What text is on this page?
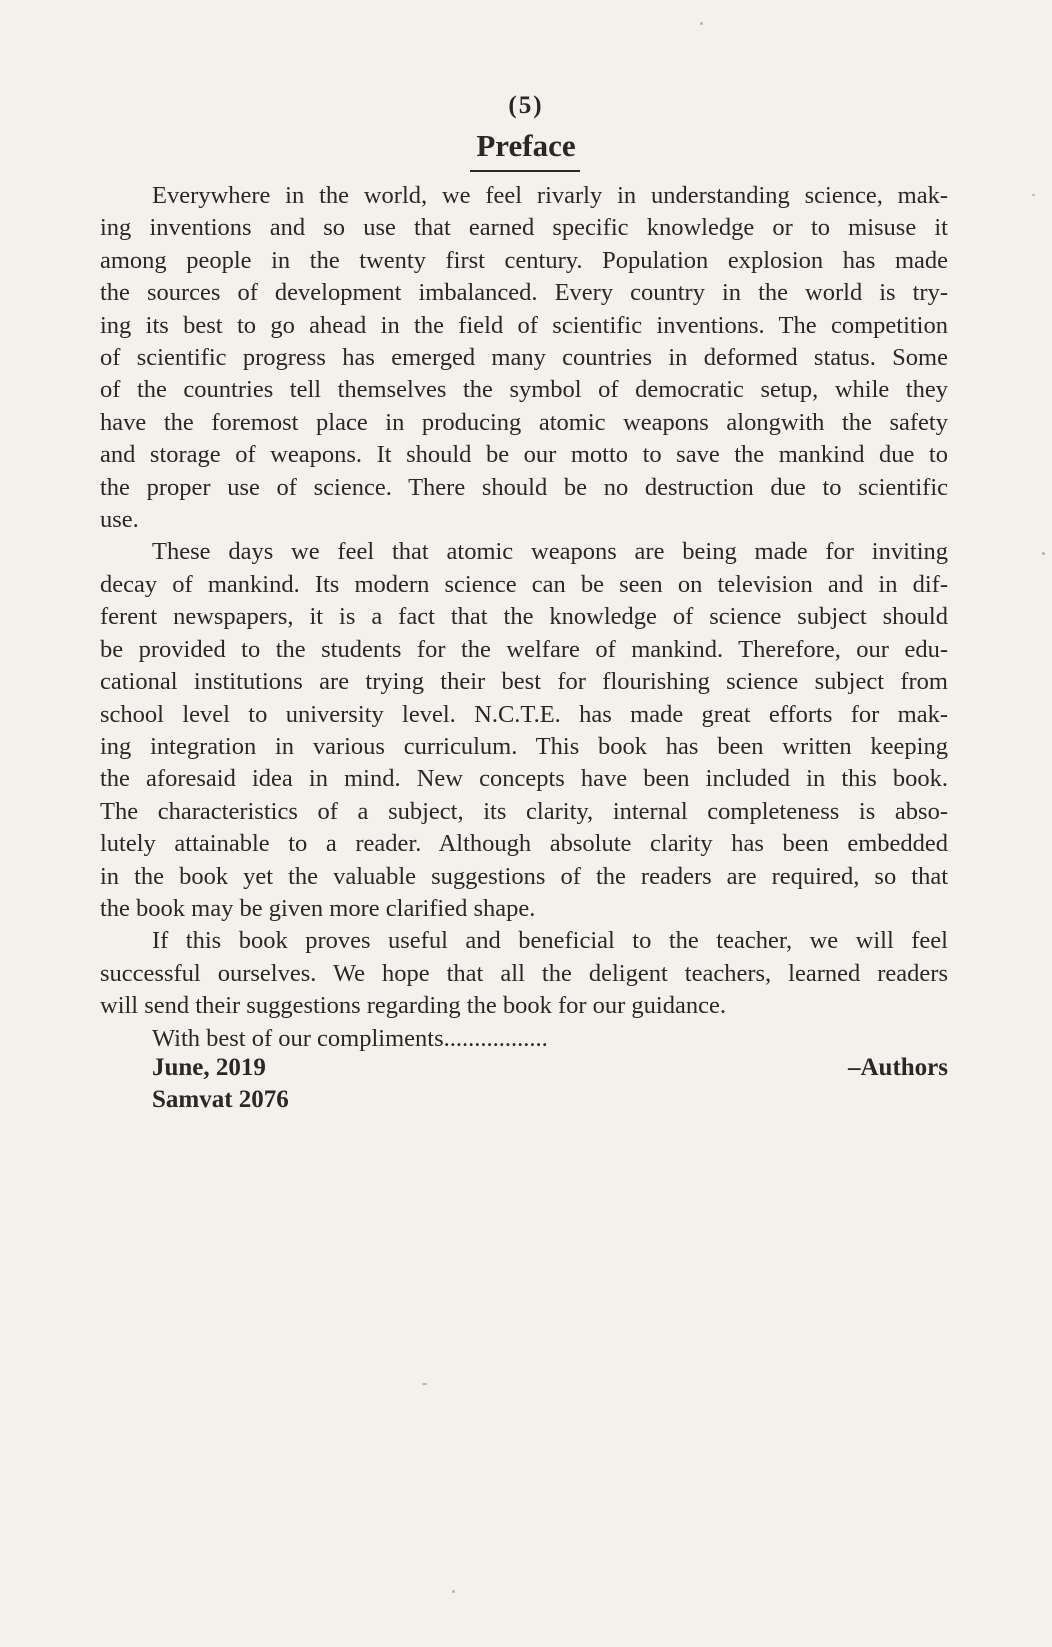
(5)
Preface
Everywhere in the world, we feel rivarly in understanding science, mak-
ing inventions and so use that earned specific knowledge or to misuse it
among people in the twenty first century. Population explosion has made
the sources of development imbalanced. Every country in the world is try-
ing its best to go ahead in the field of scientific inventions. The competition
of scientific progress has emerged many countries in deformed status. Some
of the countries tell themselves the symbol of democratic setup, while they
have the foremost place in producing atomic weapons alongwith the safety
and storage of weapons. It should be our motto to save the mankind due to
the proper use of science. There should be no destruction due to scientific
use.
These days we feel that atomic weapons are being made for inviting
decay of mankind. Its modern science can be seen on television and in dif-
ferent newspapers, it is a fact that the knowledge of science subject should
be provided to the students for the welfare of mankind. Therefore, our edu-
cational institutions are trying their best for flourishing science subject from
school level to university level. N.C.T.E. has made great efforts for mak-
ing integration in various curriculum. This book has been written keeping
the aforesaid idea in mind. New concepts have been included in this book.
The characteristics of a subject, its clarity, internal completeness is abso-
lutely attainable to a reader. Although absolute clarity has been embedded
in the book yet the valuable suggestions of the readers are required, so that
the book may be given more clarified shape.
If this book proves useful and beneficial to the teacher, we will feel
successful ourselves. We hope that all the deligent teachers, learned readers
will send their suggestions regarding the book for our guidance.
With best of our compliments.................
June, 2019	–Authors
Samvat 2076
